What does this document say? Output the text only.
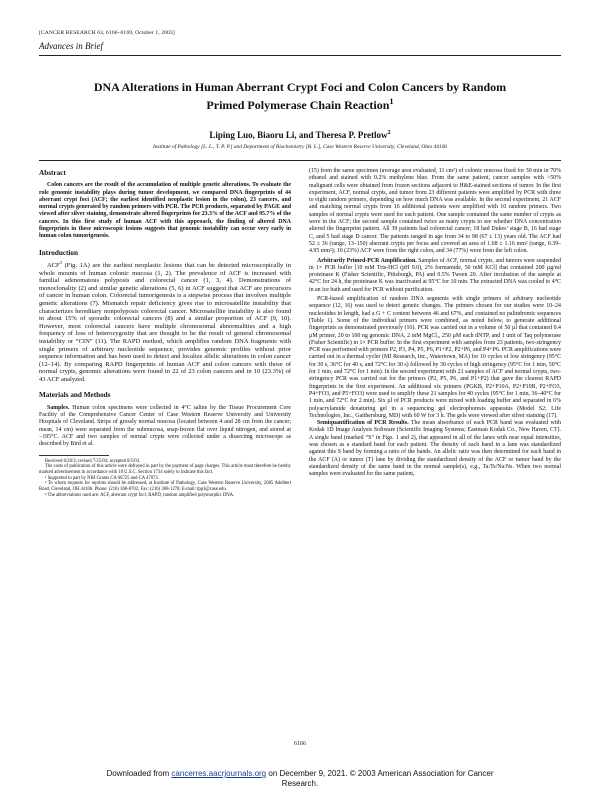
[CANCER RESEARCH 63, 6166–6169, October 1, 2003]
Advances in Brief
DNA Alterations in Human Aberrant Crypt Foci and Colon Cancers by Random
Primed Polymerase Chain Reaction$^1$
Liping Luo, Biaoru Li, and Theresa P. Pretlow$^2$
Institute of Pathology [L. L., T. P. P.] and Department of Biochemistry [B. L.], Case Western Reserve University, Cleveland, Ohio 44106
Abstract

Colon cancers are the result of the accumulation of multiple genetic alterations. To evaluate the role genomic instability plays during tumor development, we compared DNA fingerprints of 44 aberrant crypt foci (ACF; the earliest identified neoplastic lesion in the colon), 23 cancers, and normal crypts generated by random primers with PCR. The PCR products, separated by PAGE and viewed after silver staining, demonstrate altered fingerprints for 23.3% of the ACF and 95.7% of the cancers. In this first study of human ACF with this approach, the finding of altered DNA fingerprints in these microscopic lesions suggests that genomic instability can occur very early in human colon tumorigenesis.

Introduction

ACF$^3$ (Fig. 1A) are the earliest neoplastic lesions that can be detected microscopically in whole mounts of human colonic mucosa (1, 2). The prevalence of ACF is increased with familial adenomatous polyposis and colorectal cancer (1, 3, 4). Demonstrations of monoclonality (2) and similar genetic alterations (5, 6) in ACF suggest that ACF are precursors of cancer in human colon. Colorectal tumorigenesis is a stepwise process that involves multiple genetic alterations (7). Mismatch repair deficiency gives rise to microsatellite instability that characterizes hereditary nonpolyposis colorectal cancer. Microsatellite instability is also found in about 15% of sporadic colorectal cancers (8) and a similar proportion of ACF (9, 10). However, most colorectal cancers have multiple chromosomal abnormalities and a high frequency of loss of heterozygosity that are thought to be the result of general chromosomal instability or “CIN” (11). The RAPD method, which amplifies random DNA fragments with single primers of arbitrary nucleotide sequence, provides genomic profiles without prior sequence information and has been used to detect and localize allelic alterations in colon cancer (12–14). By comparing RAPD fingerprints of human ACF and colon cancers with those of normal crypts, genomic alterations were found in 22 of 23 colon cancers and in 10 (23.3%) of 43 ACF analyzed.

Materials and Methods

Samples. Human colon specimens were collected in 4°C saline by the Tissue Procurement Core Facility of the Comprehensive Cancer Center of Case Western Reserve University and University Hospitals of Cleveland. Strips of grossly normal mucosa (located between 4 and 28 cm from the cancer; mean, 14 cm) were separated from the submucosa, snap-frozen flat over liquid nitrogen, and stored at −195°C. ACF and two samples of normal crypts were collected under a dissecting microscope as described by Bird et al.

Received 6/20/3; revised 7/25/03; accepted 8/5/03.

The costs of publication of this article were defrayed in part by the payment of page charges. This article must therefore be hereby marked advertisement in accordance with 18 U.S.C. Section 1734 solely to indicate this fact.

¹ Supported in part by NIH Grants CA 66725 and CA 47073.

² To whom requests for reprints should be addressed, at Institute of Pathology, Case Western Reserve University, 2085 Adelbert Road, Cleveland, OH 44106. Phone: (216) 368-8702; Fax: (216) 368-1278; E-mail: tpp3@case.edu.

³ The abbreviations used are: ACF, aberrant crypt foci; RAPD, random amplified polymorphic DNA.

(15) from the same specimen (average area evaluated, 11 cm²) of colonic mucosa fixed for 30 min in 70% ethanol and stained with 0.2% methylene blue. From the same patient, cancer samples with >50% malignant cells were obtained from frozen sections adjacent to H&E-stained sections of tumor. In the first experiment, ACF, normal crypts, and tumor from 23 different patients were amplified by PCR with three to eight random primers, depending on how much DNA was available. In the second experiment, 21 ACF and matching normal crypts from 16 additional patients were amplified with 10 random primers. Two samples of normal crypts were used for each patient. One sample contained the same number of crypts as were in the ACF; the second sample contained twice as many crypts to see whether DNA concentration altered the fingerprint pattern. All 39 patients had colorectal cancer; 18 had Dukes’ stage B, 16 had stage C, and 5 had stage D cancer. The patients ranged in age from 34 to 98 (67 ± 13) years old. The ACF had 52 ± 36 (range, 13–150) aberrant crypts per focus and covered an area of 1.68 ± 1.16 mm² (range, 0.39–4.95 mm²); 10 (23%) ACF were from the right colon, and 34 (77%) were from the left colon.

Arbitrarily Primed-PCR Amplification. Samples of ACF, normal crypts, and tumors were suspended in 1× PCR buffer [10 mM Tris-HCl (pH 9.0), 2% formamide, 50 mM KCl] that contained 200 µg/ml proteinase K (Fisher Scientific, Pittsburgh, PA) and 0.5% Tween 20. After incubation of the sample at 42°C for 24 h, the proteinase K was inactivated at 95°C for 10 min. The extracted DNA was cooled to 4°C in an ice bath and used for PCR without purification.

PCR-based amplification of random DNA segments with single primers of arbitrary nucleotide sequence (12, 16) was used to detect genetic changes. The primers chosen for our studies were 10–24 nucleotides in length, had a G + C content between 46 and 67%, and contained no palindromic sequences (Table 1). Some of the individual primers were combined, as noted below, to generate additional fingerprints as demonstrated previously (16). PCR was carried out in a volume of 50 µl that contained 0.4 µM primer, 20 to 100 ng genomic DNA, 2 mM MgCl₂, 250 µM each dNTP, and 1 unit of Taq polymerase (Fisher Scientific) in 1× PCR buffer. In the first experiment with samples from 23 patients, two-stringency PCR was performed with primers P2, P3, P4, P5, P6, P1+P2, P2+P6, and P4+P6. PCR amplifications were carried out in a thermal cycler (MJ Research, Inc., Watertown, MA) for 10 cycles of low stringency (95°C for 30 s, 36°C for 40 s, and 72°C for 30 s) followed by 30 cycles of high stringency (95°C for 1 min, 50°C for 1 min, and 72°C for 1 min). In the second experiment with 21 samples of ACF and normal crypts, two-stringency PCR was carried out for the primers (P2, P5, P6, and P1+P2) that gave the clearest RAPD fingerprints in the first experiment. An additional six primers (PGKB, P2+P10A, P2+P10B, P2+FO3, P4+FO3, and P5+FO3) were used to amplify these 21 samples for 40 cycles (95°C for 1 min, 36–40°C for 1 min, and 72°C for 2 min). Six µl of PCR products were mixed with loading buffer and separated in 6% polyacrylamide denaturing gel in a sequencing gel electrophoresis apparatus (Model S2; Life Technologies, Inc., Gaithersburg, MD) with 60 W for 3 h. The gels were viewed after silver staining (17).

Semiquantification of PCR Results. The mean absorbance of each PCR band was evaluated with Kodak 1D Image Analysis Software (Scientific Imaging Systems; Eastman Kodak Co., New Haven, CT). A single band (marked “S” in Figs. 1 and 2), that appeared in all of the lanes with near equal intensities, was chosen as a standard band for each patient. The density of each band in a lane was standardized against this S band by forming a ratio of the bands. An allelic ratio was then determined for each band in the ACF (A) or tumor (T) lane by dividing the standardized density of the ACF or tumor band by the standardized density of the same band in the normal sample(s), e.g., Ta:Ts/Na:Ns. When two normal samples were evaluated for the same patient,

6166
Downloaded from cancerres.aacrjournals.org on December 9, 2021. © 2003 American Association for Cancer
Research.
